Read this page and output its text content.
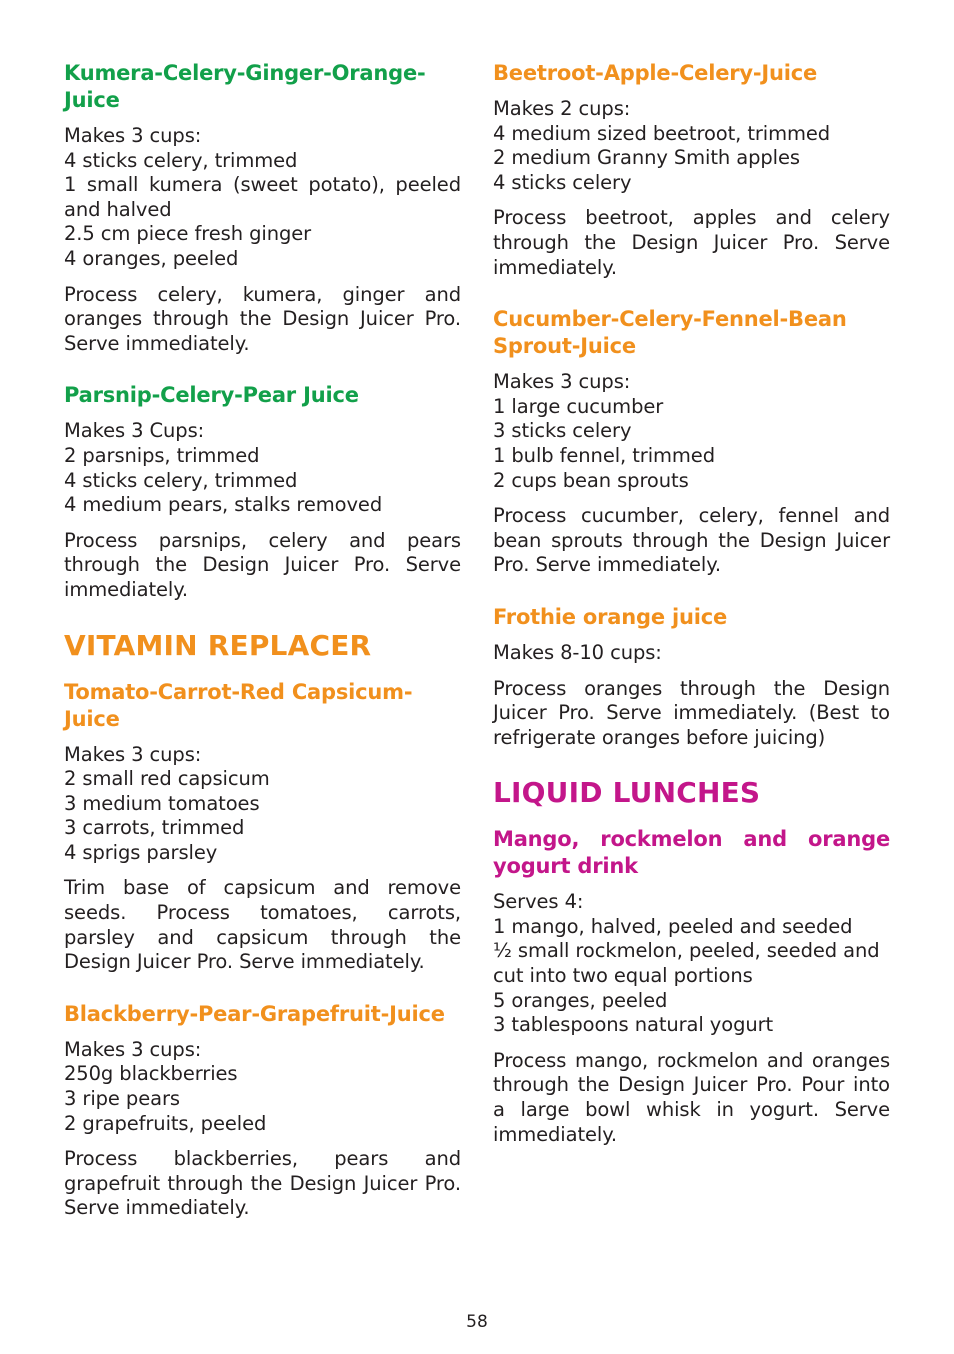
Kumera-Celery-Ginger-Orange-Juice
Makes 3 cups:
4 sticks celery, trimmed
1 small kumera (sweet potato), peeled and halved
2.5 cm piece fresh ginger
4 oranges, peeled

Process celery, kumera, ginger and oranges through the Design Juicer Pro. Serve immediately.

Parsnip-Celery-Pear Juice
Makes 3 Cups:
2 parsnips, trimmed
4 sticks celery, trimmed
4 medium pears, stalks removed

Process parsnips, celery and pears through the Design Juicer Pro. Serve immediately.

VITAMIN REPLACER
Tomato-Carrot-Red Capsicum-Juice
Makes 3 cups:
2 small red capsicum
3 medium tomatoes
3 carrots, trimmed
4 sprigs parsley

Trim base of capsicum and remove seeds. Process tomatoes, carrots, parsley and capsicum through the Design Juicer Pro. Serve immediately.

Blackberry-Pear-Grapefruit-Juice
Makes 3 cups:
250g blackberries
3 ripe pears
2 grapefruits, peeled

Process blackberries, pears and grapefruit through the Design Juicer Pro. Serve immediately.

Beetroot-Apple-Celery-Juice
Makes 2 cups:
4 medium sized beetroot, trimmed
2 medium Granny Smith apples
4 sticks celery

Process beetroot, apples and celery through the Design Juicer Pro. Serve immediately.

Cucumber-Celery-Fennel-Bean Sprout-Juice
Makes 3 cups:
1 large cucumber
3 sticks celery
1 bulb fennel, trimmed
2 cups bean sprouts

Process cucumber, celery, fennel and bean sprouts through the Design Juicer Pro. Serve immediately.

Frothie orange juice
Makes 8-10 cups:

Process oranges through the Design Juicer Pro. Serve immediately. (Best to refrigerate oranges before juicing)

LIQUID LUNCHES
Mango, rockmelon and orange yogurt drink
Serves 4:
1 mango, halved, peeled and seeded
½ small rockmelon, peeled, seeded and cut into two equal portions
5 oranges, peeled
3 tablespoons natural yogurt

Process mango, rockmelon and oranges through the Design Juicer Pro. Pour into a large bowl whisk in yogurt. Serve immediately.

58
